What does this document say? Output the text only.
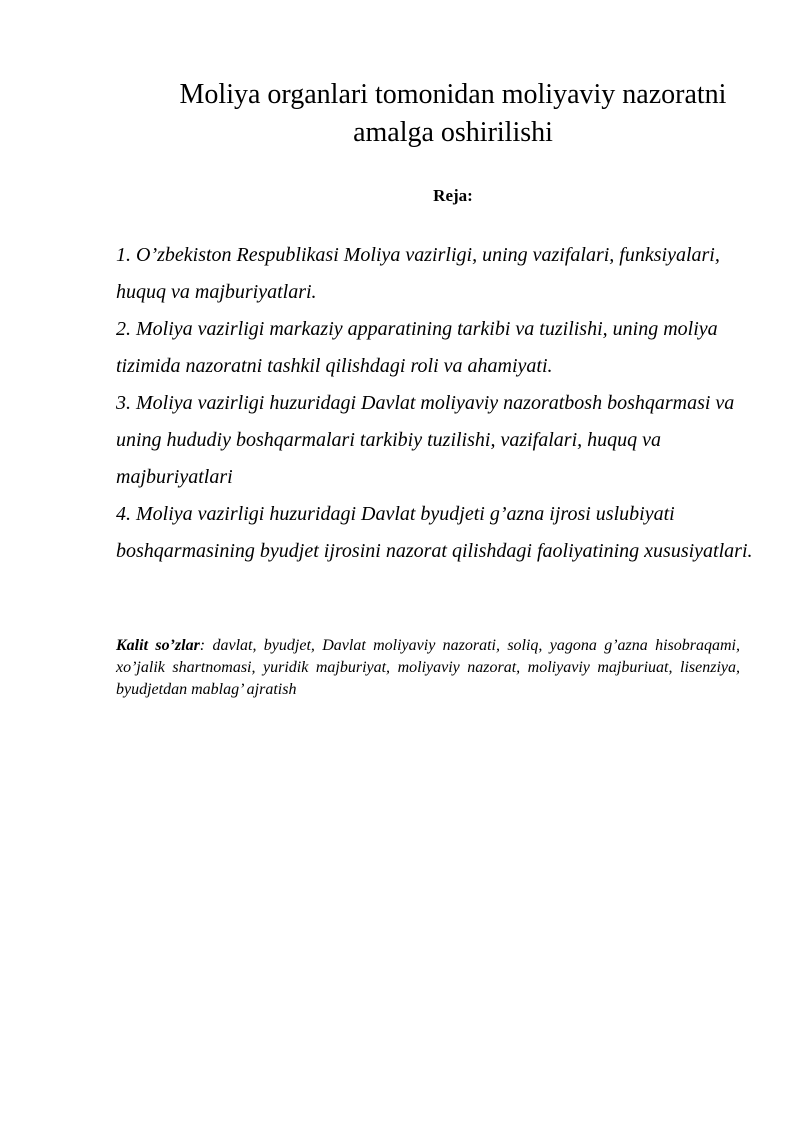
Moliya organlari tomonidan moliyaviy nazoratni amalga oshirilishi
Reja:
1. O’zbekiston Respublikasi Moliya vazirligi, uning vazifalari, funksiyalari, huquq va majburiyatlari.
2. Moliya vazirligi markaziy apparatining tarkibi va tuzilishi, uning moliya tizimida nazoratni tashkil qilishdagi roli va ahamiyati.
3. Moliya vazirligi huzuridagi Davlat moliyaviy nazoratbosh boshqarmasi va uning hududiy boshqarmalari tarkibiy tuzilishi, vazifalari, huquq va majburiyatlari
4. Moliya vazirligi huzuridagi Davlat byudjeti g’azna ijrosi uslubiyati boshqarmasining byudjet ijrosini nazorat qilishdagi faoliyatining xususiyatlari.

Kalit so’zlar: davlat, byudjet, Davlat moliyaviy nazorati, soliq, yagona g’azna hisobraqami, xo’jalik shartnomasi, yuridik majburiyat, moliyaviy nazorat, moliyaviy majburiuat, lisenziya, byudjetdan mablag’ ajratish
